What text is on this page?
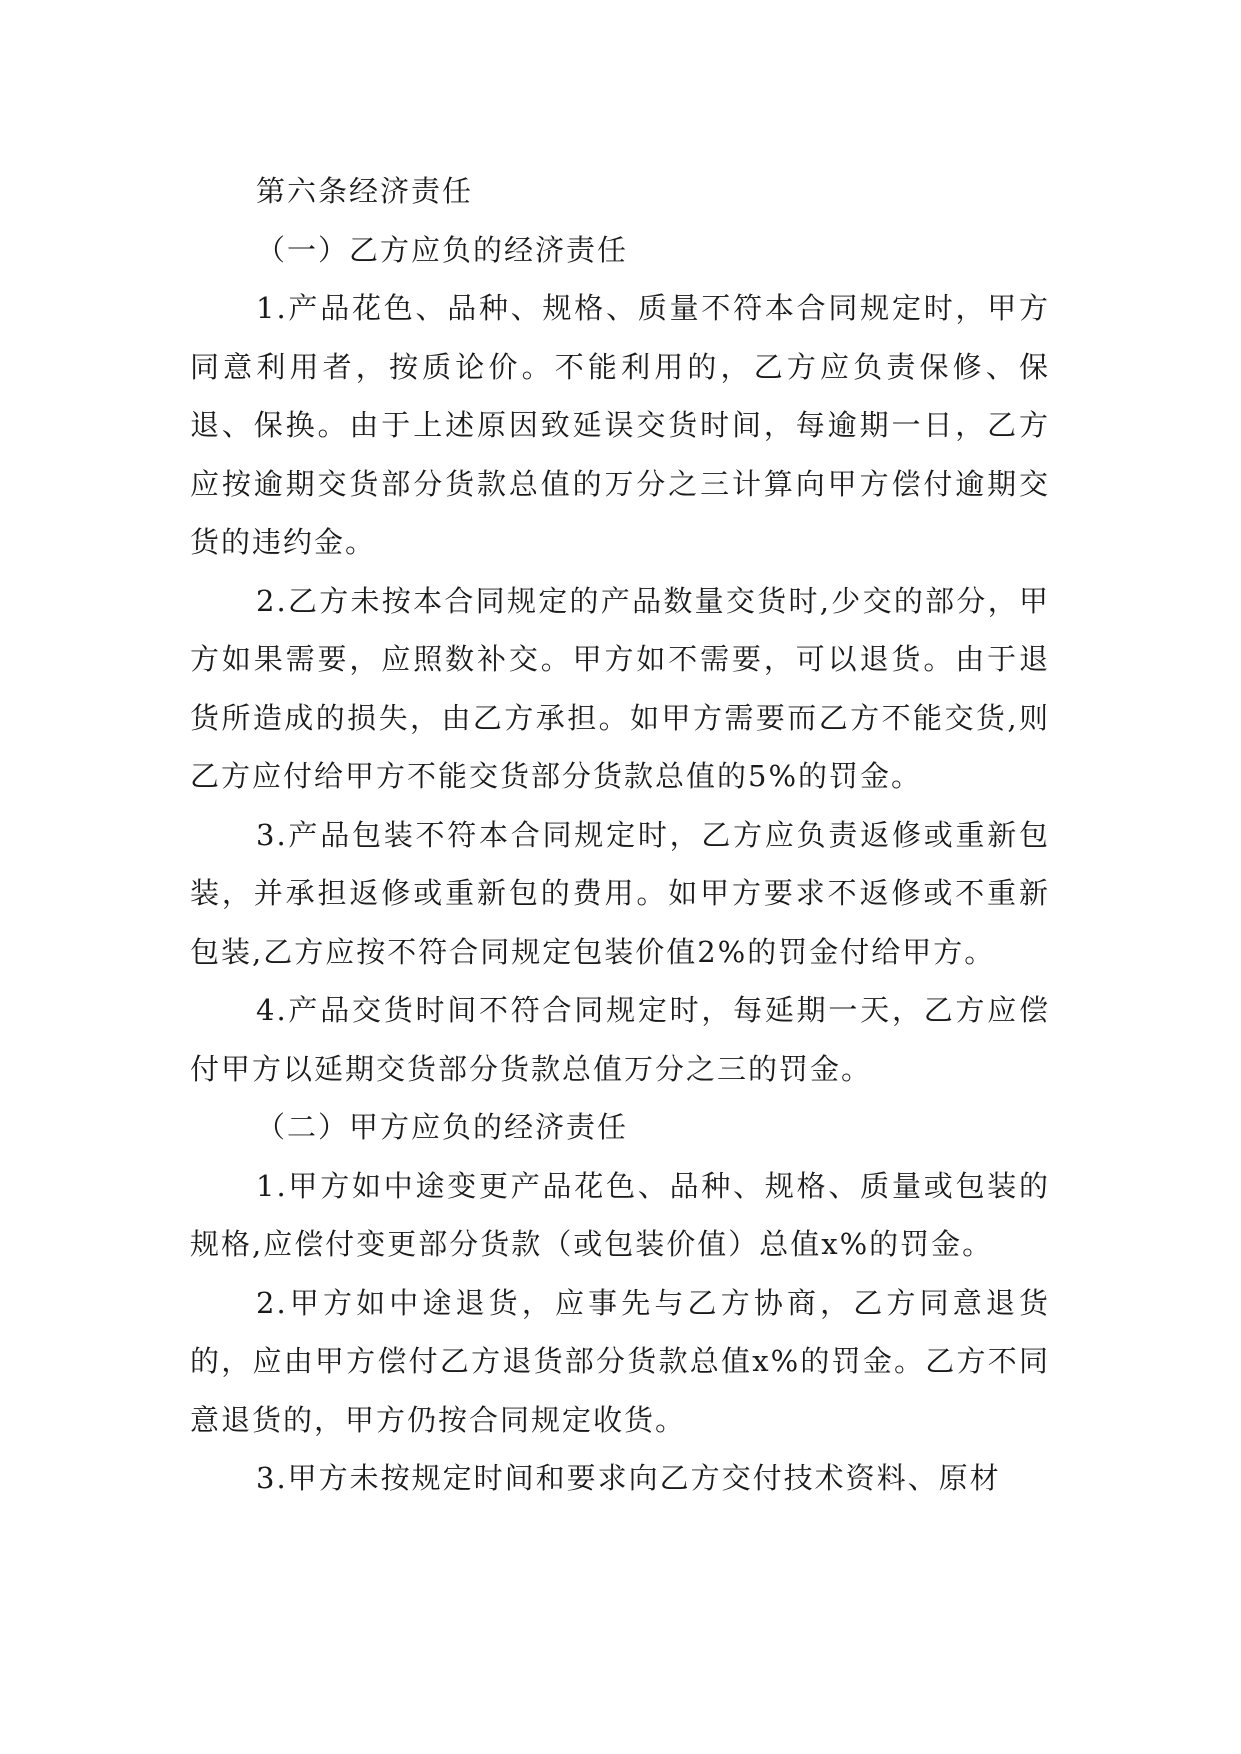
第六条经济责任

（一）乙方应负的经济责任

1.产品花色、品种、规格、质量不符本合同规定时，甲方同意利用者，按质论价。不能利用的，乙方应负责保修、保退、保换。由于上述原因致延误交货时间，每逾期一日，乙方应按逾期交货部分货款总值的万分之三计算向甲方偿付逾期交货的违约金。

2.乙方未按本合同规定的产品数量交货时,少交的部分，甲方如果需要，应照数补交。甲方如不需要，可以退货。由于退货所造成的损失，由乙方承担。如甲方需要而乙方不能交货,则乙方应付给甲方不能交货部分货款总值的5%的罚金。

3.产品包装不符本合同规定时，乙方应负责返修或重新包装，并承担返修或重新包的费用。如甲方要求不返修或不重新包装,乙方应按不符合同规定包装价值2%的罚金付给甲方。

4.产品交货时间不符合同规定时，每延期一天，乙方应偿付甲方以延期交货部分货款总值万分之三的罚金。

（二）甲方应负的经济责任

1.甲方如中途变更产品花色、品种、规格、质量或包装的规格,应偿付变更部分货款（或包装价值）总值x%的罚金。

2.甲方如中途退货，应事先与乙方协商，乙方同意退货的，应由甲方偿付乙方退货部分货款总值x%的罚金。乙方不同意退货的，甲方仍按合同规定收货。

3.甲方未按规定时间和要求向乙方交付技术资料、原材
